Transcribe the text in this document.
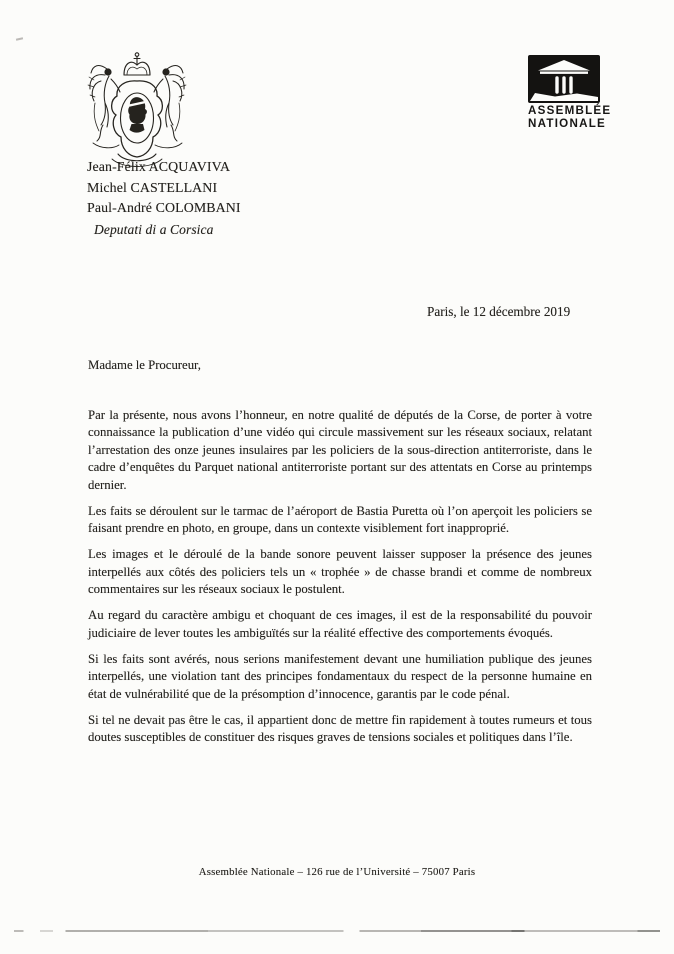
ASSEMBLÉE
NATIONALE
Jean-Félix ACQUAVIVA
Michel CASTELLANI
Paul-André COLOMBANI
Deputati di a Corsica
Paris, le 12 décembre 2019

Madame le Procureur,

Par la présente, nous avons l’honneur, en notre qualité de députés de la Corse, de porter à votre connaissance la publication d’une vidéo qui circule massivement sur les réseaux sociaux, relatant l’arrestation des onze jeunes insulaires par les policiers de la sous-direction antiterroriste, dans le cadre d’enquêtes du Parquet national antiterroriste portant sur des attentats en Corse au printemps dernier.

Les faits se déroulent sur le tarmac de l’aéroport de Bastia Puretta où l’on aperçoit les policiers se faisant prendre en photo, en groupe, dans un contexte visiblement fort inapproprié.

Les images et le déroulé de la bande sonore peuvent laisser supposer la présence des jeunes interpellés aux côtés des policiers tels un « trophée » de chasse brandi et comme de nombreux commentaires sur les réseaux sociaux le postulent.

Au regard du caractère ambigu et choquant de ces images, il est de la responsabilité du pouvoir judiciaire de lever toutes les ambiguïtés sur la réalité effective des comportements évoqués.

Si les faits sont avérés, nous serions manifestement devant une humiliation publique des jeunes interpellés, une violation tant des principes fondamentaux du respect de la personne humaine en état de vulnérabilité que de la présomption d’innocence, garantis par le code pénal.

Si tel ne devait pas être le cas, il appartient donc de mettre fin rapidement à toutes rumeurs et tous doutes susceptibles de constituer des risques graves de tensions sociales et politiques dans l’île.

Assemblée Nationale – 126 rue de l’Université – 75007 Paris
